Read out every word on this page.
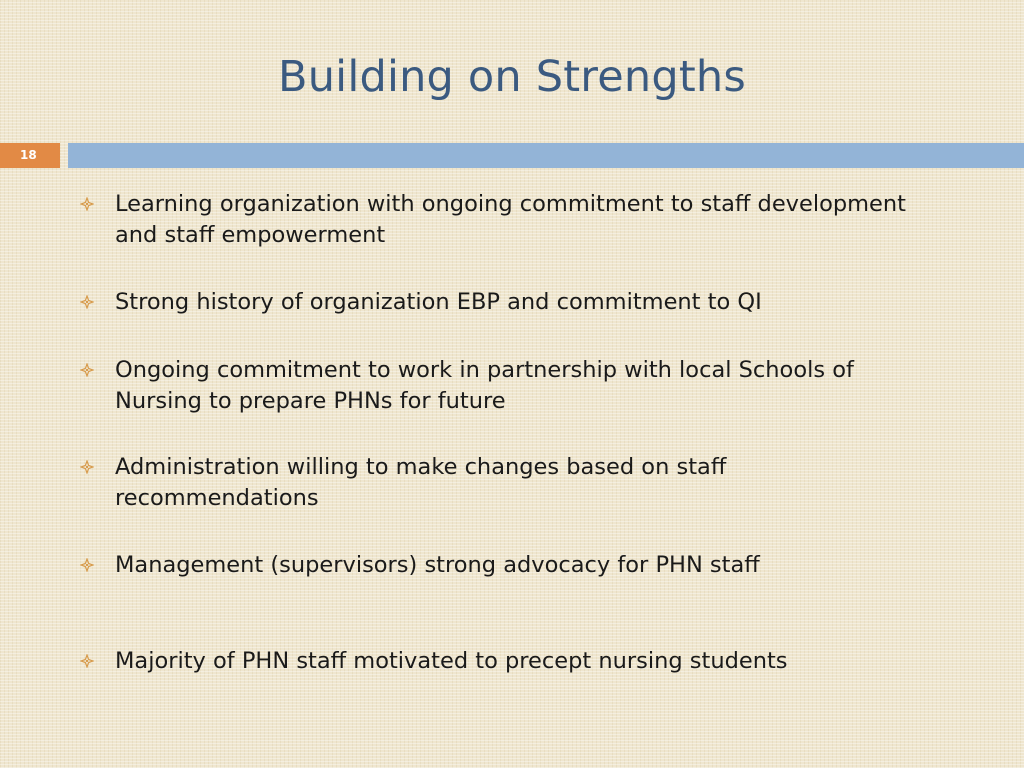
Building on Strengths
18
Learning organization with ongoing commitment to staff development and staff empowerment
Strong history of organization EBP and commitment to QI
Ongoing commitment to work in partnership with local Schools of Nursing to prepare PHNs for future
Administration willing to make changes based on staff recommendations
Management (supervisors) strong advocacy for PHN staff
Majority of PHN staff motivated to precept nursing students
